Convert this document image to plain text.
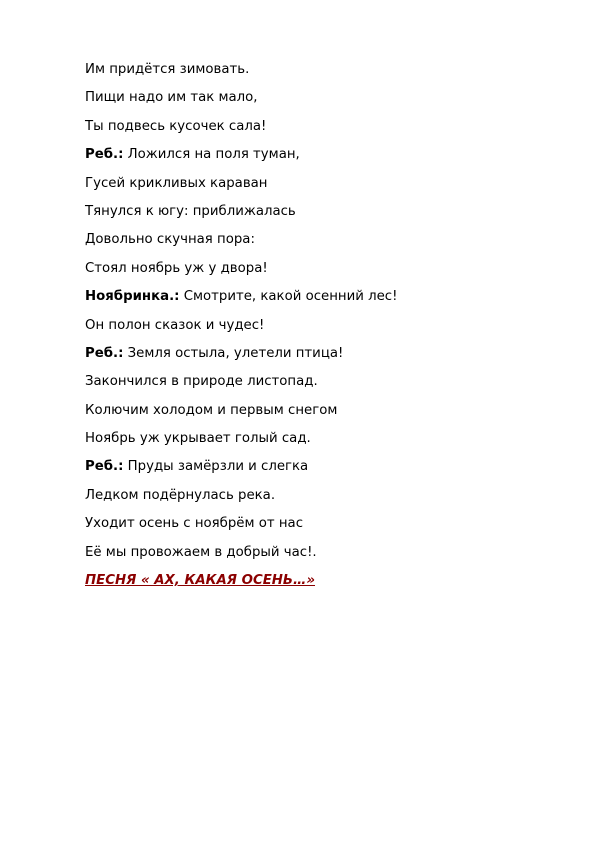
Им придётся зимовать.
Пищи надо им так мало,
Ты подвесь кусочек сала!
Реб.: Ложился на поля туман,
Гусей крикливых караван
Тянулся к югу: приближалась
Довольно скучная пора:
Стоял ноябрь уж у двора!
Ноябринка.: Смотрите, какой осенний лес!
Он полон сказок и чудес!
Реб.: Земля остыла, улетели птица!
Закончился в природе листопад.
Колючим холодом и первым снегом
Ноябрь уж укрывает голый сад.
Реб.: Пруды замёрзли и слегка
Ледком подёрнулась река.
Уходит осень с ноябрём от нас
Её мы провожаем в добрый час!.
ПЕСНЯ « АХ, КАКАЯ ОСЕНЬ…»
